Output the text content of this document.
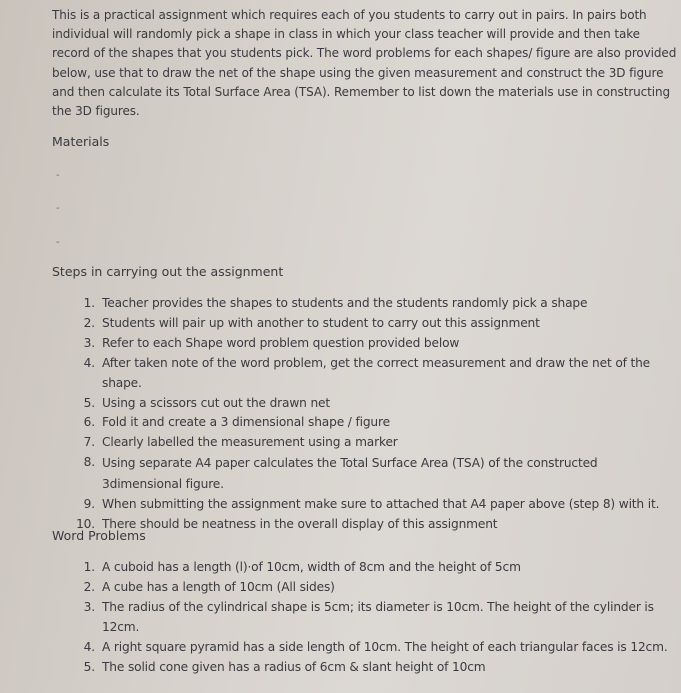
This is a practical assignment which requires each of you students to carry out in pairs. In pairs both individual will randomly pick a shape in class in which your class teacher will provide and then take record of the shapes that you students pick. The word problems for each shapes/ figure are also provided below, use that to draw the net of the shape using the given measurement and construct the 3D figure and then calculate its Total Surface Area (TSA). Remember to list down the materials use in constructing the 3D figures.
Materials
-
-
-
Steps in carrying out the assignment
1. Teacher provides the shapes to students and the students randomly pick a shape
2. Students will pair up with another to student to carry out this assignment
3. Refer to each Shape word problem question provided below
4. After taken note of the word problem, get the correct measurement and draw the net of the shape.
5. Using a scissors cut out the drawn net
6. Fold it and create a 3 dimensional shape / figure
7. Clearly labelled the measurement using a marker
8. Using separate A4 paper calculates the Total Surface Area (TSA) of the constructed 3dimensional figure.
9. When submitting the assignment make sure to attached that A4 paper above (step 8) with it.
10. There should be neatness in the overall display of this assignment
Word Problems
1. A cuboid has a length (l)·of 10cm, width of 8cm and the height of 5cm
2. A cube has a length of 10cm (All sides)
3. The radius of the cylindrical shape is 5cm; its diameter is 10cm. The height of the cylinder is 12cm.
4. A right square pyramid has a side length of 10cm. The height of each triangular faces is 12cm.
5. The solid cone given has a radius of 6cm & slant height of 10cm
